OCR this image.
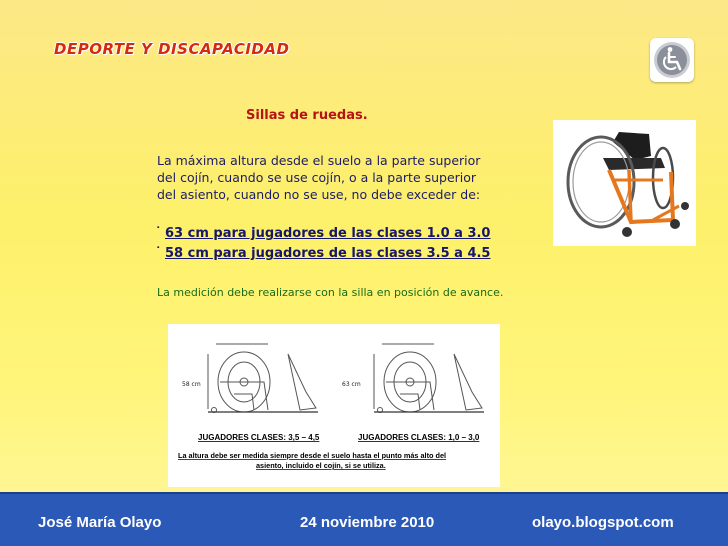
DEPORTE Y DISCAPACIDAD
Sillas de ruedas.
La máxima altura desde el suelo a la parte superior
del cojín, cuando se use cojín, o a la parte superior
del asiento, cuando no se use, no debe exceder de:
˙ 63 cm para jugadores de las clases 1.0 a 3.0
˙ 58 cm para jugadores de las clases 3.5 a 4.5
La medición debe realizarse con la silla en posición de avance.
58 cm	63 cm
JUGADORES CLASES: 3,5 – 4,5	JUGADORES CLASES: 1,0 – 3,0
La altura debe ser medida siempre desde el suelo hasta el punto más alto del
asiento, incluido el cojín, si se utiliza.
José María Olayo	24 noviembre 2010	olayo.blogspot.com
